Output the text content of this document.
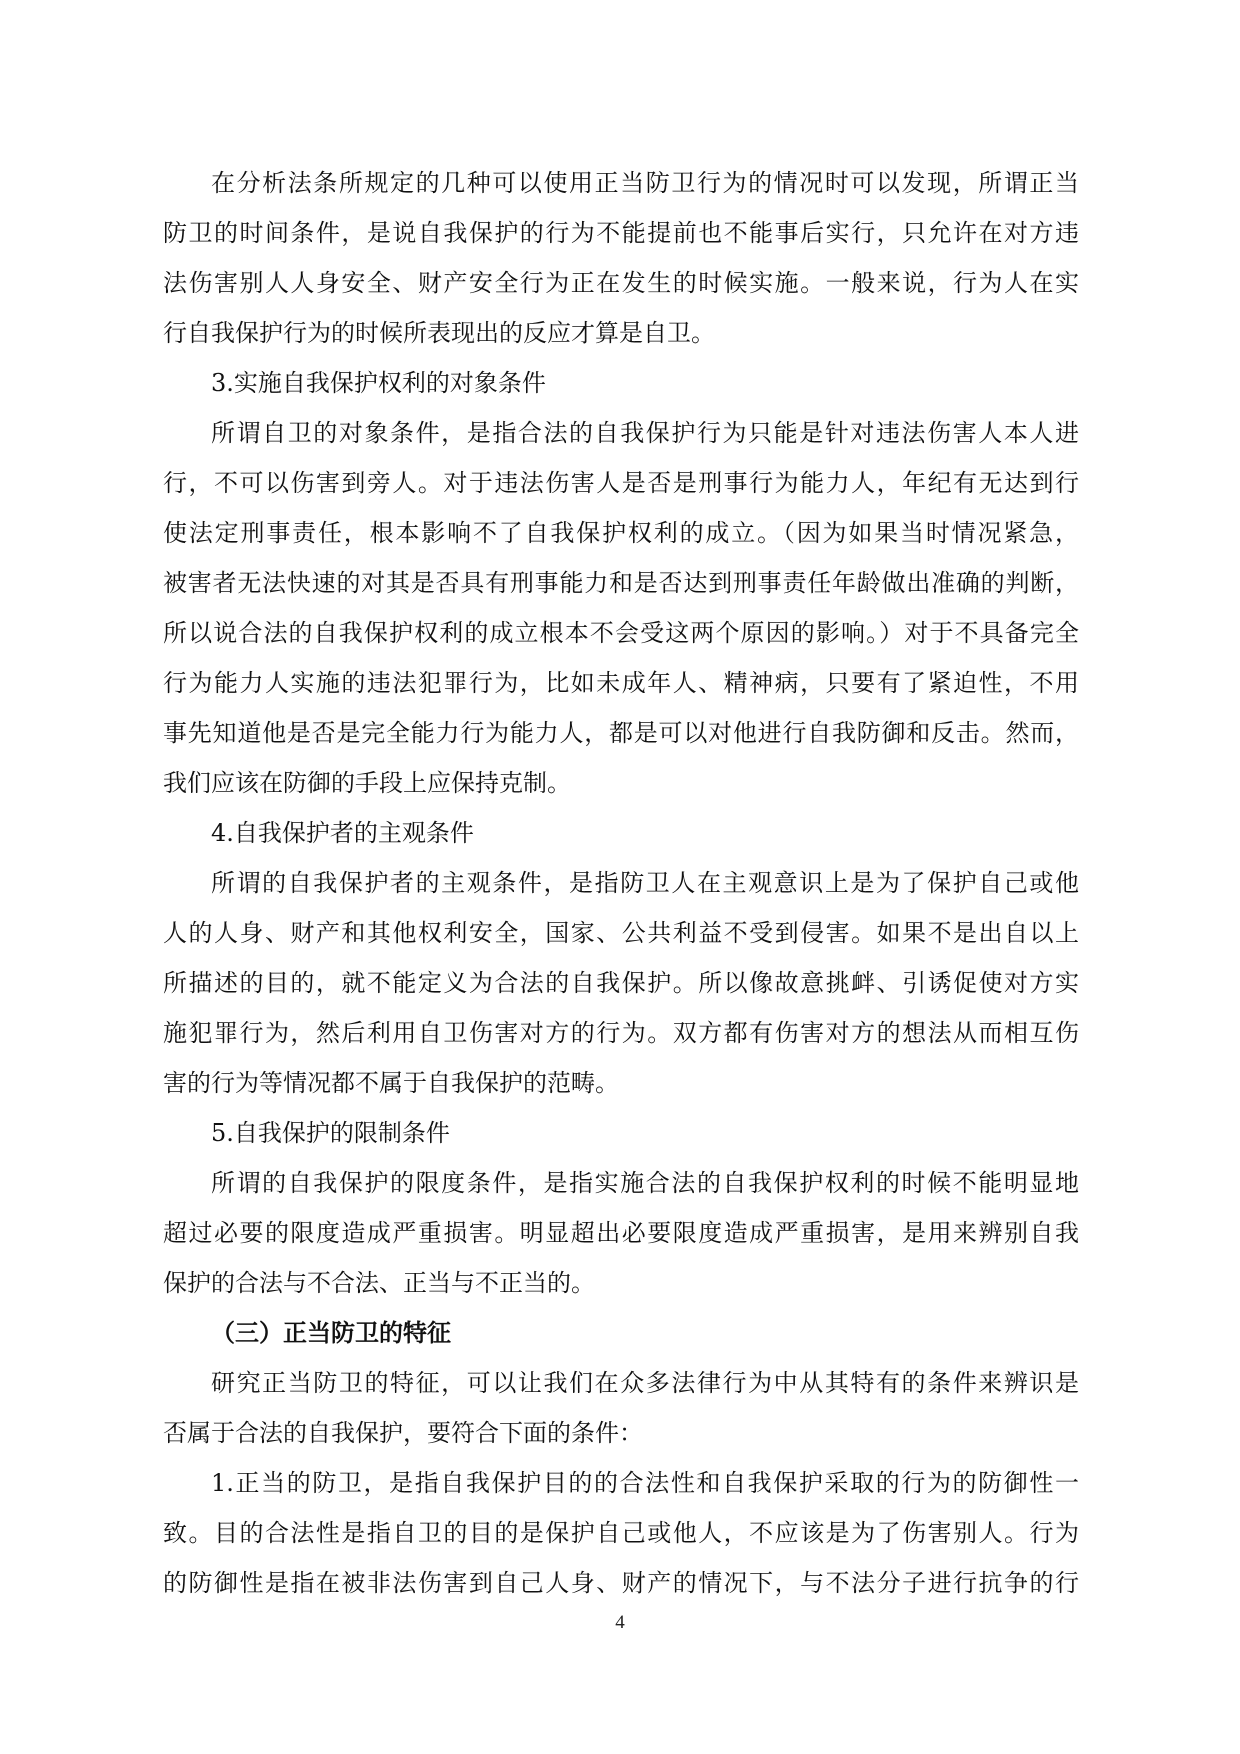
在分析法条所规定的几种可以使用正当防卫行为的情况时可以发现，所谓正当
防卫的时间条件，是说自我保护的行为不能提前也不能事后实行，只允许在对方违
法伤害别人人身安全、财产安全行为正在发生的时候实施。一般来说，行为人在实
行自我保护行为的时候所表现出的反应才算是自卫。
3.实施自我保护权利的对象条件
所谓自卫的对象条件，是指合法的自我保护行为只能是针对违法伤害人本人进
行，不可以伤害到旁人。对于违法伤害人是否是刑事行为能力人，年纪有无达到行
使法定刑事责任，根本影响不了自我保护权利的成立。（因为如果当时情况紧急，
被害者无法快速的对其是否具有刑事能力和是否达到刑事责任年龄做出准确的判断，
所以说合法的自我保护权利的成立根本不会受这两个原因的影响。）对于不具备完全
行为能力人实施的违法犯罪行为，比如未成年人、精神病，只要有了紧迫性，不用
事先知道他是否是完全能力行为能力人，都是可以对他进行自我防御和反击。然而，
我们应该在防御的手段上应保持克制。
4.自我保护者的主观条件
所谓的自我保护者的主观条件，是指防卫人在主观意识上是为了保护自己或他
人的人身、财产和其他权利安全，国家、公共利益不受到侵害。如果不是出自以上
所描述的目的，就不能定义为合法的自我保护。所以像故意挑衅、引诱促使对方实
施犯罪行为，然后利用自卫伤害对方的行为。双方都有伤害对方的想法从而相互伤
害的行为等情况都不属于自我保护的范畴。
5.自我保护的限制条件
所谓的自我保护的限度条件，是指实施合法的自我保护权利的时候不能明显地
超过必要的限度造成严重损害。明显超出必要限度造成严重损害，是用来辨别自我
保护的合法与不合法、正当与不正当的。
（三）正当防卫的特征
研究正当防卫的特征，可以让我们在众多法律行为中从其特有的条件来辨识是
否属于合法的自我保护，要符合下面的条件：
1.正当的防卫，是指自我保护目的的合法性和自我保护采取的行为的防御性一
致。目的合法性是指自卫的目的是保护自己或他人，不应该是为了伤害别人。行为
的防御性是指在被非法伤害到自己人身、财产的情况下，与不法分子进行抗争的行
4
